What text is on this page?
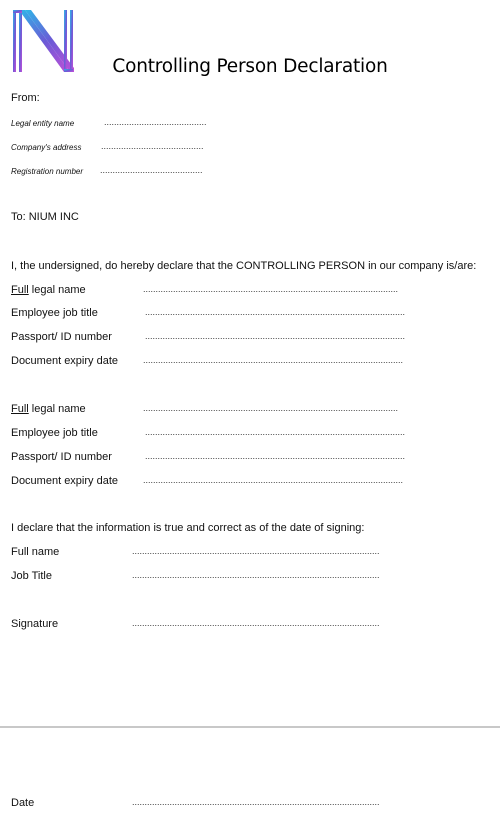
Controlling Person Declaration
From:
Legal entity name	.........................................
Company's address .........................................
Registration number .........................................
To: NIUM INC
I, the undersigned, do hereby declare that the CONTROLLING PERSON in our company is/are:
Full legal name	......................................................................................................
Employee job title	........................................................................................................
Passport/ ID number	........................................................................................................
Document expiry date	........................................................................................................
Full legal name	......................................................................................................
Employee job title	........................................................................................................
Passport/ ID number	........................................................................................................
Document expiry date	........................................................................................................
I declare that the information is true and correct as of the date of signing:
Full name	...................................................................................................
Job Title	...................................................................................................
Signature	...................................................................................................
Date	...................................................................................................
